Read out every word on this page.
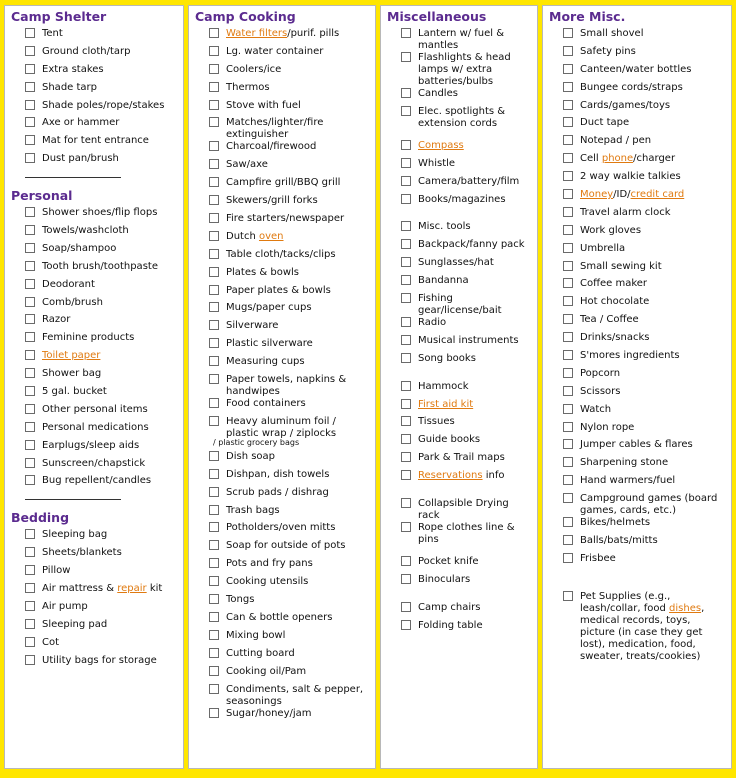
Camp Shelter
Tent
Ground cloth/tarp
Extra stakes
Shade tarp
Shade poles/rope/stakes
Axe or hammer
Mat for tent entrance
Dust pan/brush
Personal
Shower shoes/flip flops
Towels/washcloth
Soap/shampoo
Tooth brush/toothpaste
Deodorant
Comb/brush
Razor
Feminine products
Toilet paper
Shower bag
5 gal. bucket
Other personal items
Personal medications
Earplugs/sleep aids
Sunscreen/chapstick
Bug repellent/candles
Bedding
Sleeping bag
Sheets/blankets
Pillow
Air mattress & repair kit
Air pump
Sleeping pad
Cot
Utility bags for storage
Camp Cooking
Water filters/purif. pills
Lg. water container
Coolers/ice
Thermos
Stove with fuel
Matches/lighter/fire extinguisher
Charcoal/firewood
Saw/axe
Campfire grill/BBQ grill
Skewers/grill forks
Fire starters/newspaper
Dutch oven
Table cloth/tacks/clips
Plates & bowls
Paper plates & bowls
Mugs/paper cups
Silverware
Plastic silverware
Measuring cups
Paper towels, napkins & handwipes
Food containers
Heavy aluminum foil / plastic wrap / ziplocks
/ plastic grocery bags
Dish soap
Dishpan, dish towels
Scrub pads / dishrag
Trash bags
Potholders/oven mitts
Soap for outside of pots
Pots and fry pans
Cooking utensils
Tongs
Can & bottle openers
Mixing bowl
Cutting board
Cooking oil/Pam
Condiments, salt & pepper, seasonings
Sugar/honey/jam
Miscellaneous
Lantern w/ fuel & mantles
Flashlights & head lamps w/ extra batteries/bulbs
Candles
Elec. spotlights & extension cords
Compass
Whistle
Camera/battery/film
Books/magazines
Misc. tools
Backpack/fanny pack
Sunglasses/hat
Bandanna
Fishing gear/license/bait
Radio
Musical instruments
Song books
Hammock
First aid kit
Tissues
Guide books
Park & Trail maps
Reservations info
Collapsible Drying rack
Rope clothes line & pins
Pocket knife
Binoculars
Camp chairs
Folding table
More Misc.
Small shovel
Safety pins
Canteen/water bottles
Bungee cords/straps
Cards/games/toys
Duct tape
Notepad / pen
Cell phone/charger
2 way walkie talkies
Money/ID/credit card
Travel alarm clock
Work gloves
Umbrella
Small sewing kit
Coffee maker
Hot chocolate
Tea / Coffee
Drinks/snacks
S'mores ingredients
Popcorn
Scissors
Watch
Nylon rope
Jumper cables & flares
Sharpening stone
Hand warmers/fuel
Campground games (board games, cards, etc.)
Bikes/helmets
Balls/bats/mitts
Frisbee
Pet Supplies (e.g., leash/collar, food dishes, medical records, toys, picture (in case they get lost), medication, food, sweater, treats/cookies)
